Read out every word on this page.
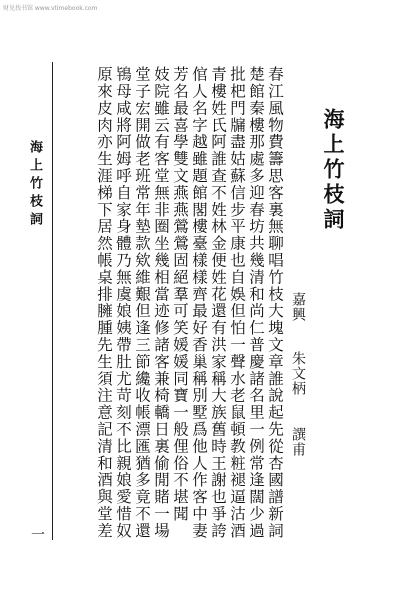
财见找书馆 www.vtimebook.com
海上竹枝詞
嘉興 朱文柄 譔甫
春江風物費籌思客裏無聊唱竹枝大塊文章誰說起先從杏國譜新詞
楚館秦樓那處多迎春坊共幾清和尚仁普慶諸名里一例常逢闊少過
批杷門牖盡姑蘇信步平康也自娛但怕一聲水老鼠頓教粧褪逼沽酒
青樓姓氏阿誰查不姓林金便姓花還有洪家稱大族舊時王謝也爭誇
倌人名字越雖題館閣樓臺樣樣齊最好香巢稱別墅爲他人作客中妻
芳名最喜學雙文燕燕鶯鶯固絕羣可笑媛媛同寶一般俚俗不堪聞
妓院雖云有客堂無非圈坐幾相當迹修諸客兼椅轎日裏偷閒賭一場
堂子宏開做老班常年墊款欸維艱但逢三節纔收帳漂匯猶多竟不還
鴇母咸將阿姆呼自家身體乃無虞娘姨帶肚尤苛刻不比親娘愛惜奴
原來皮肉亦生涯梯下居然帳桌排臃腫先生須注意記清和酒與堂差
海上竹枝詞
一
